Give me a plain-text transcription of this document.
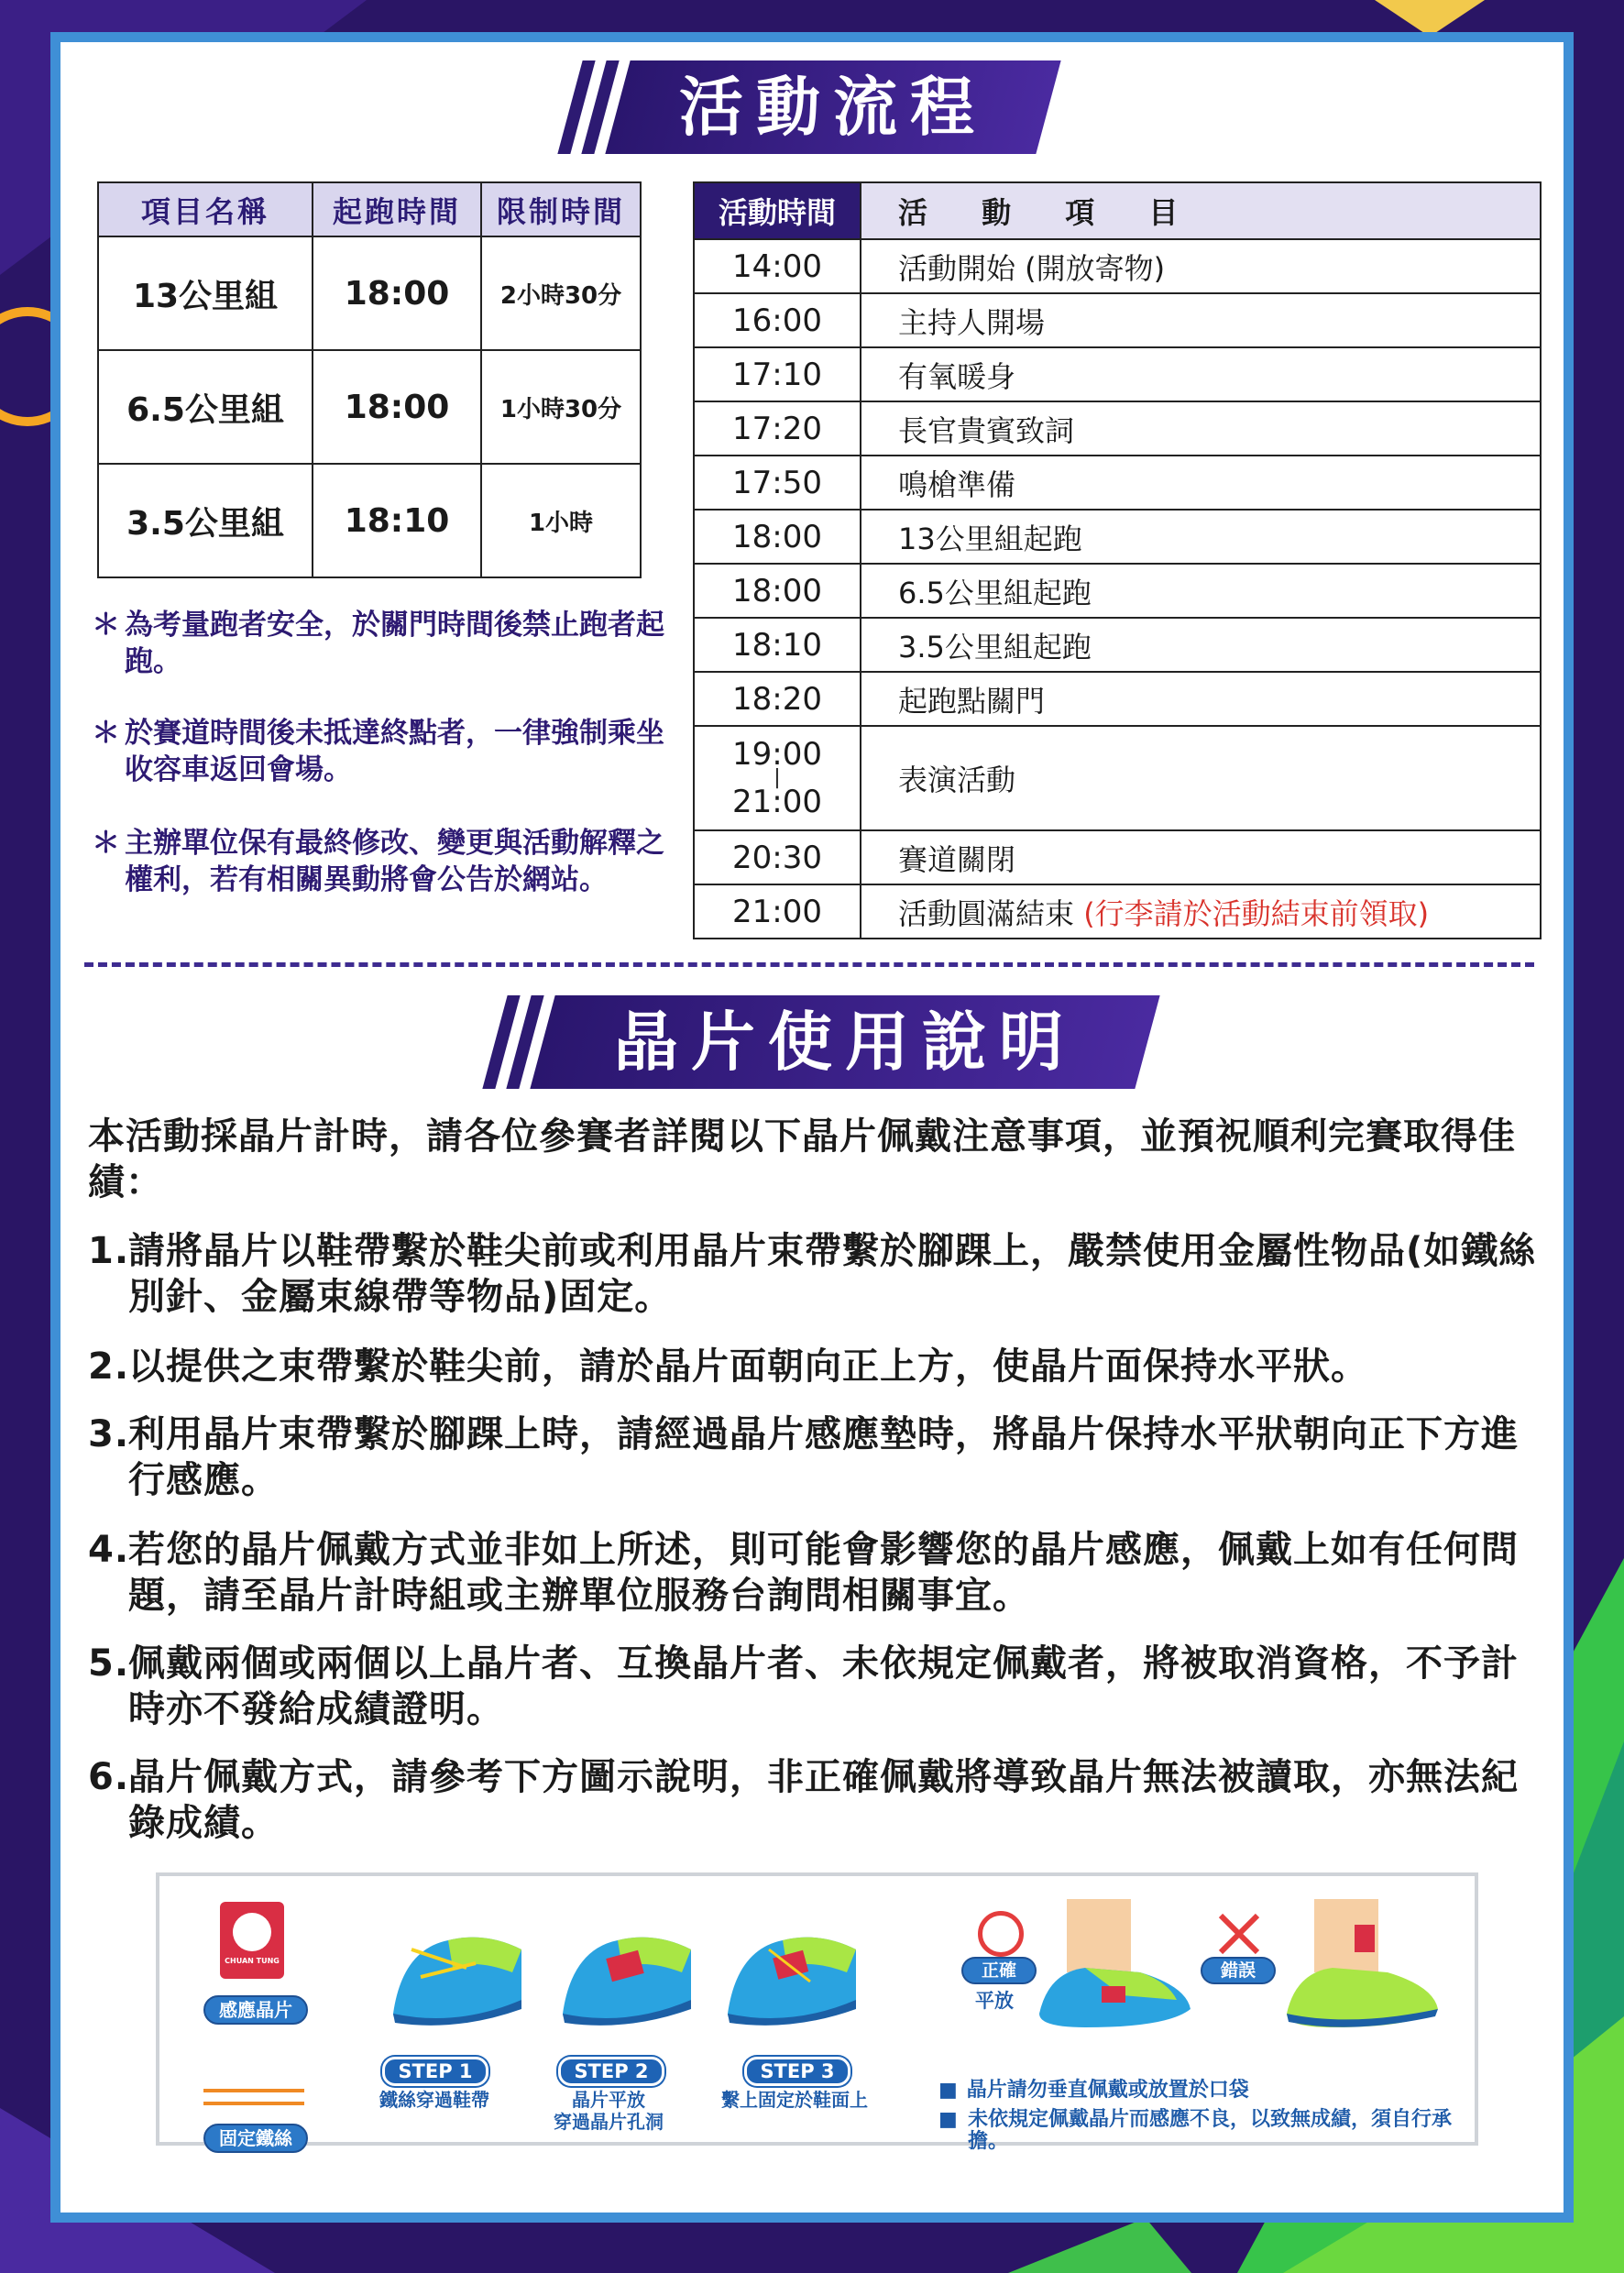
活動流程
項目名稱	起跑時間	限制時間
13公里組	18:00	2小時30分
6.5公里組	18:00	1小時30分
3.5公里組	18:10	1小時
＊ 為考量跑者安全，於關門時間後禁止跑者起跑。
＊ 於賽道時間後未抵達終點者，一律強制乘坐收容車返回會場。
＊ 主辦單位保有最終修改、變更與活動解釋之權利，若有相關異動將會公告於網站。
活動時間	活 動 項 目
14:00	活動開始 (開放寄物)
16:00	主持人開場
17:10	有氧暖身
17:20	長官貴賓致詞
17:50	鳴槍準備
18:00	13公里組起跑
18:00	6.5公里組起跑
18:10	3.5公里組起跑
18:20	起跑點關門

19:00
|
21:00	表演活動
20:30	賽道關閉
21:00	活動圓滿結束 (行李請於活動結束前領取)
晶片使用說明
本活動採晶片計時，請各位參賽者詳閱以下晶片佩戴注意事項，並預祝順利完賽取得佳績：
1.
請將晶片以鞋帶繫於鞋尖前或利用晶片束帶繫於腳踝上，嚴禁使用金屬性物品(如鐵絲別針、金屬束線帶等物品)固定。
2.
以提供之束帶繫於鞋尖前，請於晶片面朝向正上方，使晶片面保持水平狀。
3.
利用晶片束帶繫於腳踝上時，請經過晶片感應墊時，將晶片保持水平狀朝向正下方進行感應。
4.
若您的晶片佩戴方式並非如上所述，則可能會影響您的晶片感應，佩戴上如有任何問題，請至晶片計時組或主辦單位服務台詢問相關事宜。
5.
佩戴兩個或兩個以上晶片者、互換晶片者、未依規定佩戴者，將被取消資格，不予計時亦不發給成績證明。
6.
晶片佩戴方式，請參考下方圖示說明，非正確佩戴將導致晶片無法被讀取，亦無法紀錄成績。
CHUAN TUNG
感應晶片
固定鐵絲
STEP 1
鐵絲穿過鞋帶
STEP 2
晶片平放
穿過晶片孔洞
STEP 3
繫上固定於鞋面上
正確
平放
錯誤
■ 晶片請勿垂直佩戴或放置於口袋
■ 未依規定佩戴晶片而感應不良，以致無成績，須自行承擔。
